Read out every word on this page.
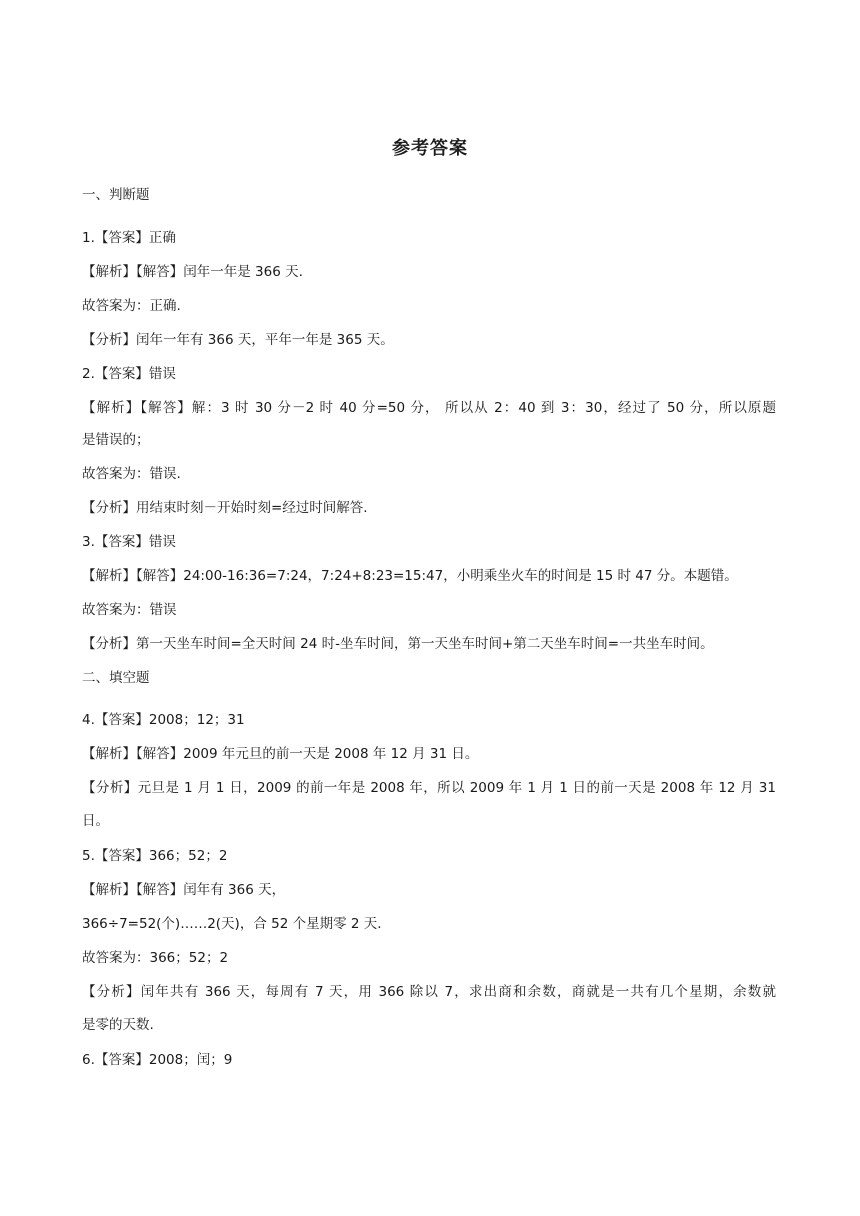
参考答案
一、判断题
1.【答案】正确
【解析】【解答】闰年一年是 366 天.
故答案为：正确.
【分析】闰年一年有 366 天，平年一年是 365 天。
2.【答案】错误
【解析】【解答】解：3 时 30 分－2 时 40 分=50 分， 所以从 2：40 到 3：30，经过了 50 分，所以原题
是错误的；
故答案为：错误.
【分析】用结束时刻－开始时刻=经过时间解答.
3.【答案】错误
【解析】【解答】24:00-16:36=7:24，7:24+8:23=15:47，小明乘坐火车的时间是 15 时 47 分。本题错。
故答案为：错误
【分析】第一天坐车时间=全天时间 24 时-坐车时间，第一天坐车时间+第二天坐车时间=一共坐车时间。
二、填空题
4.【答案】2008；12；31
【解析】【解答】2009 年元旦的前一天是 2008 年 12 月 31 日。
【分析】元旦是 1 月 1 日，2009 的前一年是 2008 年，所以 2009 年 1 月 1 日的前一天是 2008 年 12 月 31
日。
5.【答案】366；52；2
【解析】【解答】闰年有 366 天，
366÷7=52(个)……2(天)，合 52 个星期零 2 天.
故答案为：366；52；2
【分析】闰年共有 366 天，每周有 7 天，用 366 除以 7，求出商和余数，商就是一共有几个星期，余数就
是零的天数.
6.【答案】2008；闰；9
